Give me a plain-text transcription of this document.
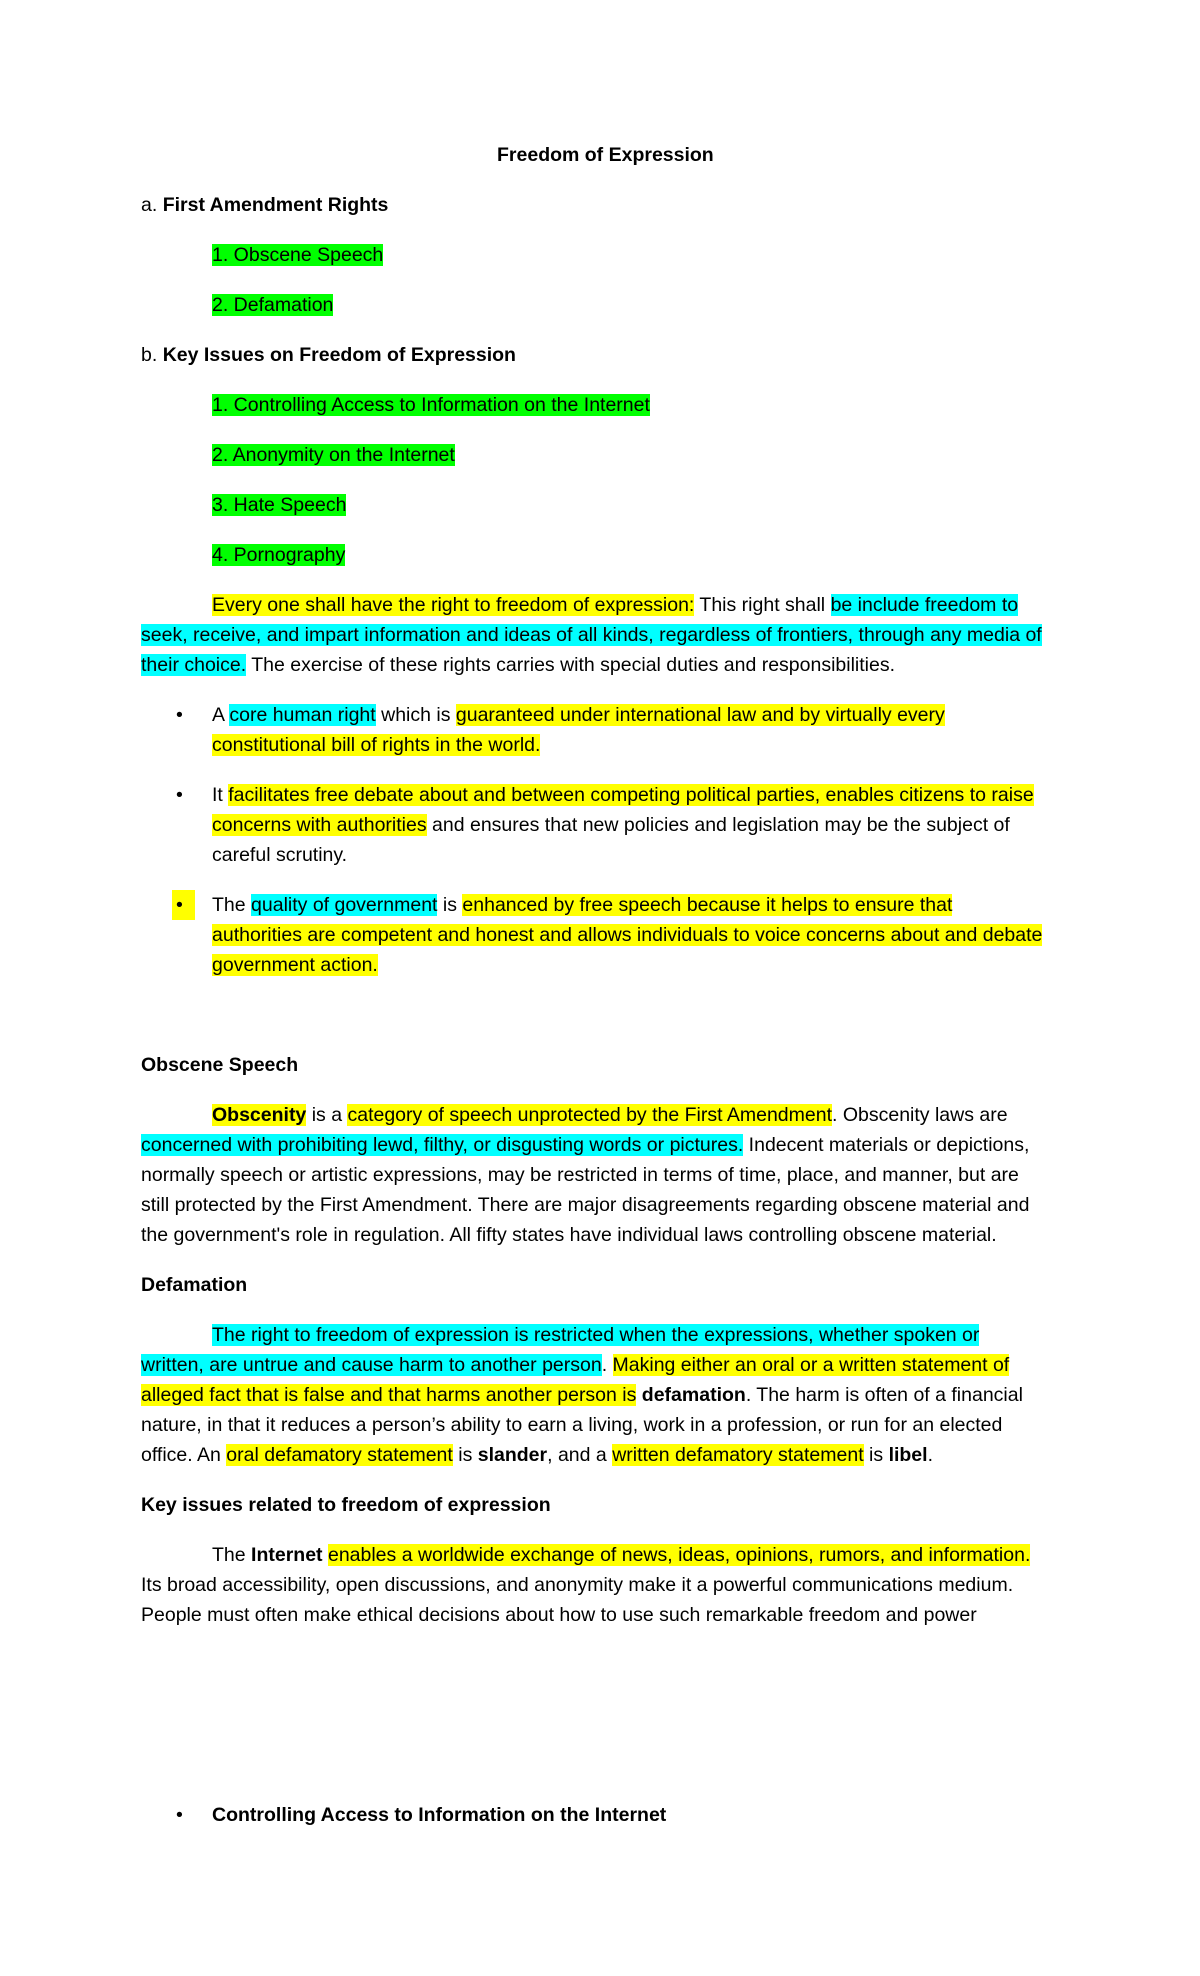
Freedom of Expression
a. First Amendment Rights
1. Obscene Speech
2. Defamation
b. Key Issues on Freedom of Expression
1. Controlling Access to Information on the Internet
2. Anonymity on the Internet
3. Hate Speech
4. Pornography
Every one shall have the right to freedom of expression: This right shall be include freedom to
seek, receive, and impart information and ideas of all kinds, regardless of frontiers, through any media of
their choice. The exercise of these rights carries with special duties and responsibilities.
• A core human right which is guaranteed under international law and by virtually every
constitutional bill of rights in the world.
• It facilitates free debate about and between competing political parties, enables citizens to raise
concerns with authorities and ensures that new policies and legislation may be the subject of
careful scrutiny.
•	The quality of government is enhanced by free speech because it helps to ensure that
authorities are competent and honest and allows individuals to voice concerns about and debate
government action.
Obscene Speech
Obscenity is a category of speech unprotected by the First Amendment. Obscenity laws are
concerned with prohibiting lewd, filthy, or disgusting words or pictures. Indecent materials or depictions,
normally speech or artistic expressions, may be restricted in terms of time, place, and manner, but are
still protected by the First Amendment. There are major disagreements regarding obscene material and
the government's role in regulation. All fifty states have individual laws controlling obscene material.
Defamation
The right to freedom of expression is restricted when the expressions, whether spoken or
written, are untrue and cause harm to another person. Making either an oral or a written statement of
alleged fact that is false and that harms another person is defamation. The harm is often of a financial
nature, in that it reduces a person’s ability to earn a living, work in a profession, or run for an elected
office. An oral defamatory statement is slander, and a written defamatory statement is libel.
Key issues related to freedom of expression
The Internet enables a worldwide exchange of news, ideas, opinions, rumors, and information.
Its broad accessibility, open discussions, and anonymity make it a powerful communications medium.
People must often make ethical decisions about how to use such remarkable freedom and power
• Controlling Access to Information on the Internet
